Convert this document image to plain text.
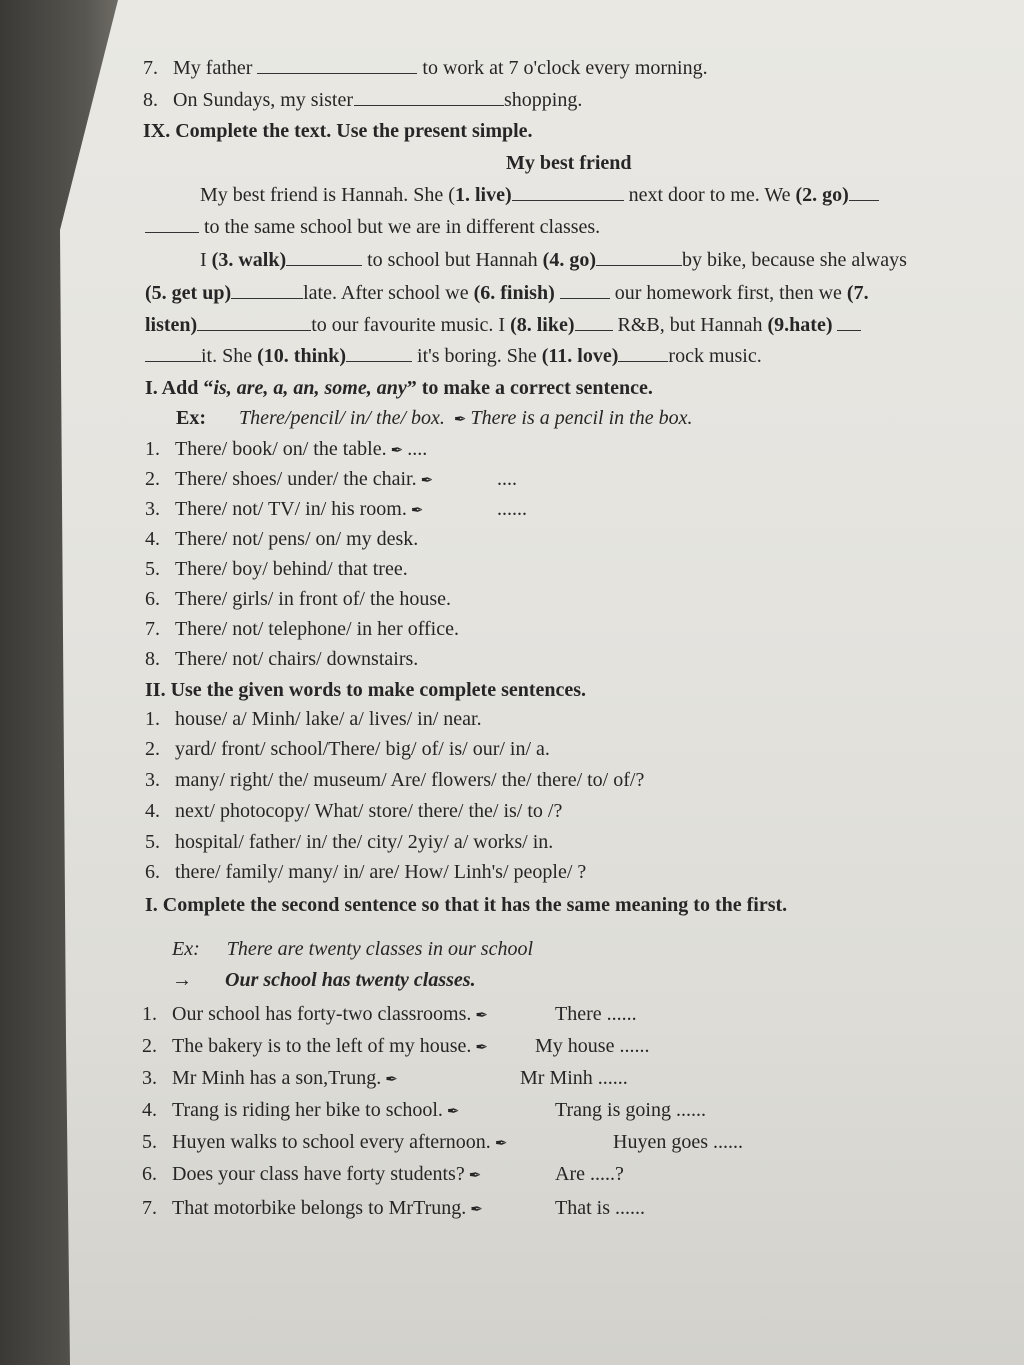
7. My father	to work at 7 o'clock every morning.
8. On Sundays, my sister	shopping.
IX. Complete the text. Use the present simple.
My best friend
My best friend is Hannah. She (1. live)	next door to me. We (2. go)
to the same school but we are in different classes.
I (3. walk)	to school but Hannah (4. go)	by bike, because she always
(5. get up)	late. After school we (6. finish)	our homework first, then we (7.
listen)	to our favourite music. I (8. like) R&B, but Hannah (9.hate)
it. She (10. think)	it's boring. She (11. love)	rock music.
I. Add “is, are, a, an, some, any” to make a correct sentence.
Ex: There/pencil/ in/ the/ box. ✒ There is a pencil in the box.
1. There/ book/ on/ the table. ✒ ....
2. There/ shoes/ under/ the chair. ✒	....
3. There/ not/ TV/ in/ his room. ✒	......
4. There/ not/ pens/ on/ my desk.
5. There/ boy/ behind/ that tree.
6. There/ girls/ in front of/ the house.
7. There/ not/ telephone/ in her office.
8. There/ not/ chairs/ downstairs.
II. Use the given words to make complete sentences.
1. house/ a/ Minh/ lake/ a/ lives/ in/ near.
2. yard/ front/ school/There/ big/ of/ is/ our/ in/ a.
3. many/ right/ the/ museum/ Are/ flowers/ the/ there/ to/ of/?
4. next/ photocopy/ What/ store/ there/ the/ is/ to /?
5. hospital/ father/ in/ the/ city/ 2yiy/ a/ works/ in.
6. there/ family/ many/ in/ are/ How/ Linh's/ people/ ?
I. Complete the second sentence so that it has the same meaning to the first.
Ex: There are twenty classes in our school
→ Our school has twenty classes.
1. Our school has forty-two classrooms. ✒	There ......
2. The bakery is to the left of my house. ✒ My house ......
3. Mr Minh has a son,Trung. ✒	Mr Minh ......
4. Trang is riding her bike to school. ✒	Trang is going ......
5. Huyen walks to school every afternoon. ✒	Huyen goes ......
6. Does your class have forty students? ✒	Are .....?
7. That motorbike belongs to MrTrung. ✒	That is ......
